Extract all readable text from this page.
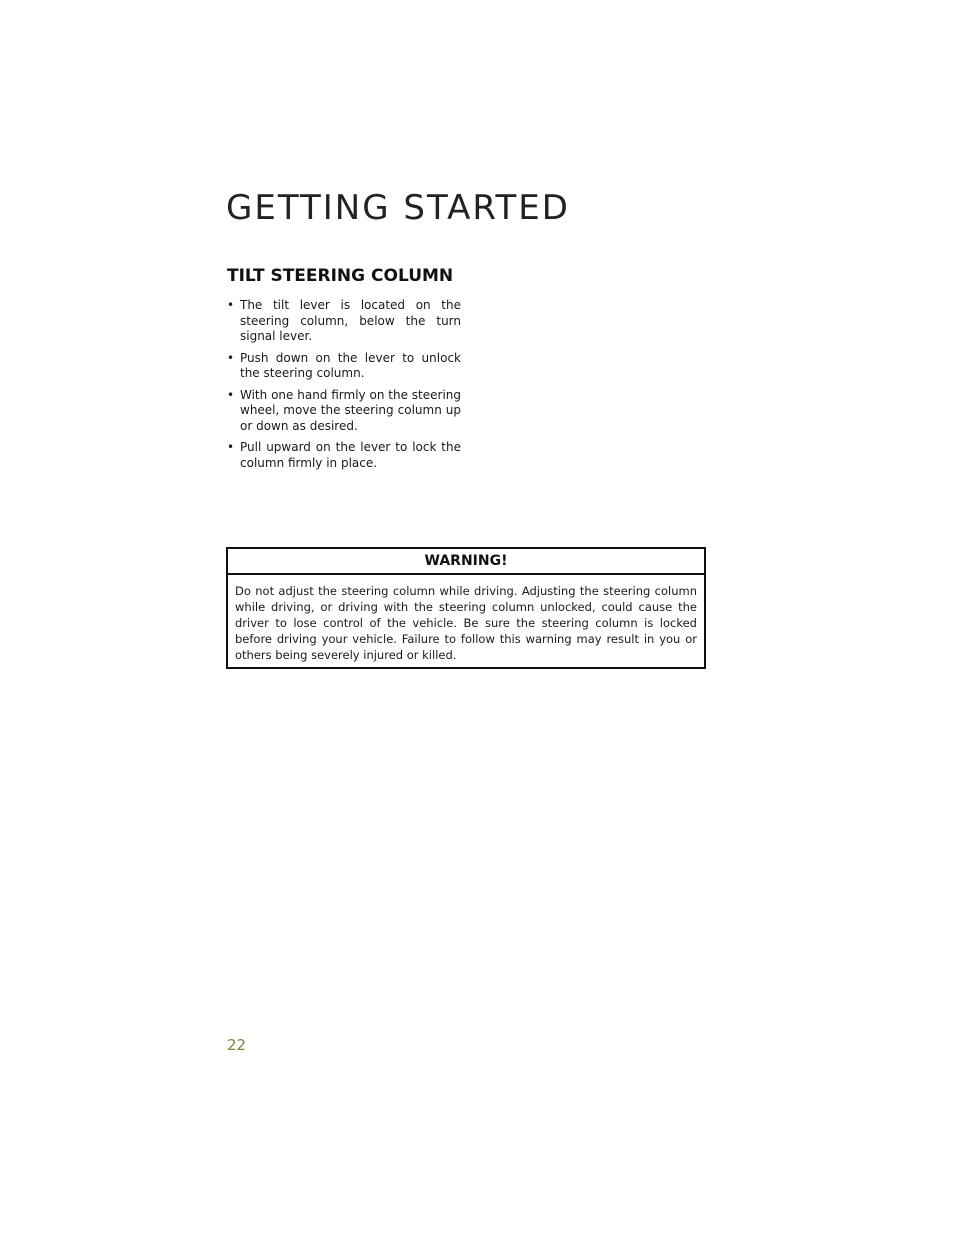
GETTING STARTED
TILT STEERING COLUMN
• The tilt lever is located on the steering column, below the turn signal lever.
• Push down on the lever to unlock the steering column.
• With one hand firmly on the steering wheel, move the steering column up or down as desired.
• Pull upward on the lever to lock the column firmly in place.
WARNING!

Do not adjust the steering column while driving. Adjusting the steering column while driving, or driving with the steering column unlocked, could cause the driver to lose control of the vehicle. Be sure the steering column is locked before driving your vehicle. Failure to follow this warning may result in you or others being severely injured or killed.

22
